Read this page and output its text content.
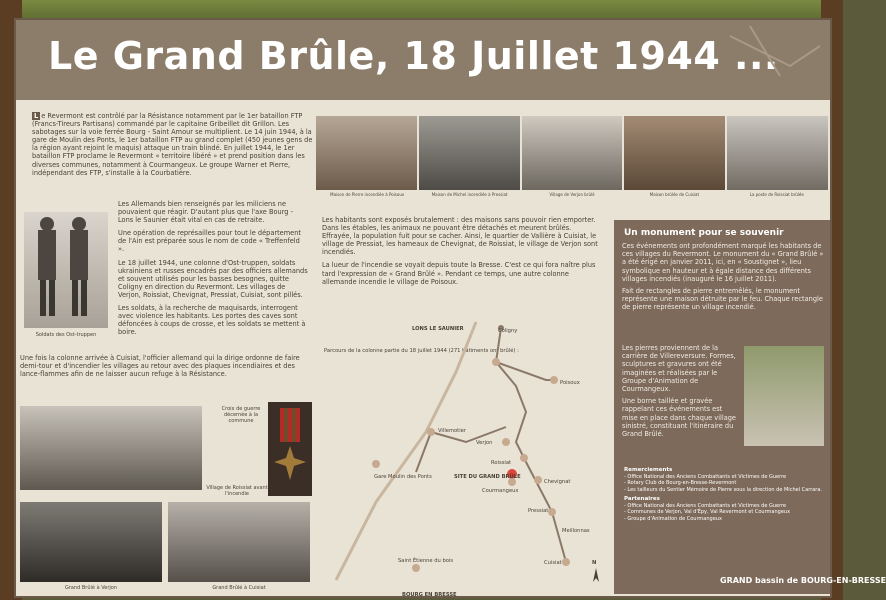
Le Grand Brûle, 18 Juillet 1944 ...
L e Revermont est contrôlé par la Résistance notamment par le 1er bataillon FTP (Francs-Tireurs Partisans) commandé par le capitaine Gribeillet dit Grillon. Les sabotages sur la voie ferrée Bourg - Saint Amour se multiplient. Le 14 juin 1944, à la gare de Moulin des Ponts, le 1er bataillon FTP au grand complet (450 jeunes gens de la région ayant rejoint le maquis) attaque un train blindé. En juillet 1944, le 1er bataillon FTP proclame le Revermont « territoire libéré » et prend position dans les diverses communes, notamment à Courmangeux. Le groupe Warner et Pierre, indépendant des FTP, s'installe à la Courbatière.
Maison de Pierre incendiée à Poisoux	Maison de Michel incendiée à Pressiat	Village de Verjon brûlé	Maison brûlée de Cuisiat	La poste de Roissiat brûlée
Soldats des Ost-truppen

Les Allemands bien renseignés par les miliciens ne pouvaient que réagir. D'autant plus que l'axe Bourg - Lons le Saunier était vital en cas de retraite.

Une opération de représailles pour tout le département de l'Ain est préparée sous le nom de code « Treffenfeld ».

Le 18 juillet 1944, une colonne d'Ost-truppen, soldats ukrainiens et russes encadrés par des officiers allemands et souvent utilisés pour les basses besognes, quitte Coligny en direction du Revermont. Les villages de Verjon, Roissiat, Chevignat, Pressiat, Cuisiat, sont pillés.

Les soldats, à la recherche de maquisards, interrogent avec violence les habitants. Les portes des caves sont défoncées à coups de crosse, et les soldats se mettent à boire.

Une fois la colonne arrivée à Cuisiat, l'officier allemand qui la dirige ordonne de faire demi-tour et d'incendier les villages au retour avec des plaques incendiaires et des lance-flammes afin de ne laisser aucun refuge à la Résistance.

Les habitants sont exposés brutalement : des maisons sans pouvoir rien emporter. Dans les étables, les animaux ne pouvant être détachés et meurent brûlés. Effrayée, la population fuit pour se cacher. Ainsi, le quartier de Vallière à Cuisiat, le village de Pressiat, les hameaux de Chevignat, de Roissiat, le village de Verjon sont incendiés.

La lueur de l'incendie se voyait depuis toute la Bresse. C'est ce qui fora naître plus tard l'expression de « Grand Brûlé ». Pendant ce temps, une autre colonne allemande incendie le village de Poisoux.

Grand Brûlé à Verjon	Grand Brûlé à Cuisiat
Village de Roissiat avant l'incendie
Croix de guerre décernée à la commune
Parcours de la colonne partie du 18 juillet 1944 (271 bâtiments ont brûlé) :
LONS LE SAUNIER	Coligny
Villemotier
Verjon
Roissiat
SITE DU GRAND BRÛLE
Chevignat
Courmangeux
Pressiat
Cuisiat
Saint Étienne du bois
Poisoux
Gare Moulin des Ponts
BOURG EN BRESSE
Meillonnas
N
Un monument pour se souvenir

Ces événements ont profondément marqué les habitants de ces villages du Revermont. Le monument du « Grand Brûlé » a été érigé en janvier 2011, ici, en « Soustignet », lieu symbolique en hauteur et à égale distance des différents villages incendiés (inauguré le 16 juillet 2011).

Fait de rectangles de pierre entremêlés, le monument représente une maison détruite par le feu. Chaque rectangle de pierre représente un village incendié.

Les pierres proviennent de la carrière de Villereversure. Formes, sculptures et gravures ont été imaginées et réalisées par le Groupe d'Animation de Courmangeux.

Une borne taillée et gravée rappelant ces événements est mise en place dans chaque village sinistré, constituant l'itinéraire du Grand Brûlé.

Remerciements
- Office National des Anciens Combattants et Victimes de Guerre
- Rotary Club de Bourg-en-Bresse-Revermont
- Les tailleurs du Sentier Mémoire de Pierre sous la direction de Michel Carrara.
Partenaires
- Office National des Anciens Combattants et Victimes de Guerre
- Communes de Verjon, Val d'Épy, Val Revermont et Courmangeux
- Groupe d'Animation de Courmangeux
GRAND bassin de BOURG-EN-BRESSE
